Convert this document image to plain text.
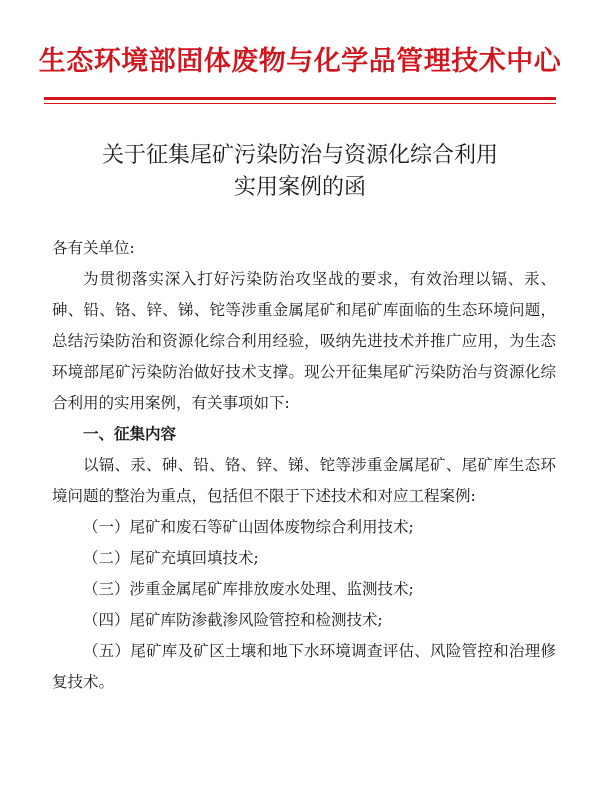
生态环境部固体废物与化学品管理技术中心
关于征集尾矿污染防治与资源化综合利用
实用案例的函
各有关单位:

为贯彻落实深入打好污染防治攻坚战的要求，有效治理以镉、汞、砷、铅、铬、锌、锑、铊等涉重金属尾矿和尾矿库面临的生态环境问题，总结污染防治和资源化综合利用经验，吸纳先进技术并推广应用，为生态环境部尾矿污染防治做好技术支撑。现公开征集尾矿污染防治与资源化综合利用的实用案例，有关事项如下:

一、征集内容

以镉、汞、砷、铅、铬、锌、锑、铊等涉重金属尾矿、尾矿库生态环境问题的整治为重点，包括但不限于下述技术和对应工程案例:

（一）尾矿和废石等矿山固体废物综合利用技术;

（二）尾矿充填回填技术;

（三）涉重金属尾矿库排放废水处理、监测技术;

（四）尾矿库防渗截渗风险管控和检测技术;

（五）尾矿库及矿区土壤和地下水环境调查评估、风险管控和治理修复技术。
